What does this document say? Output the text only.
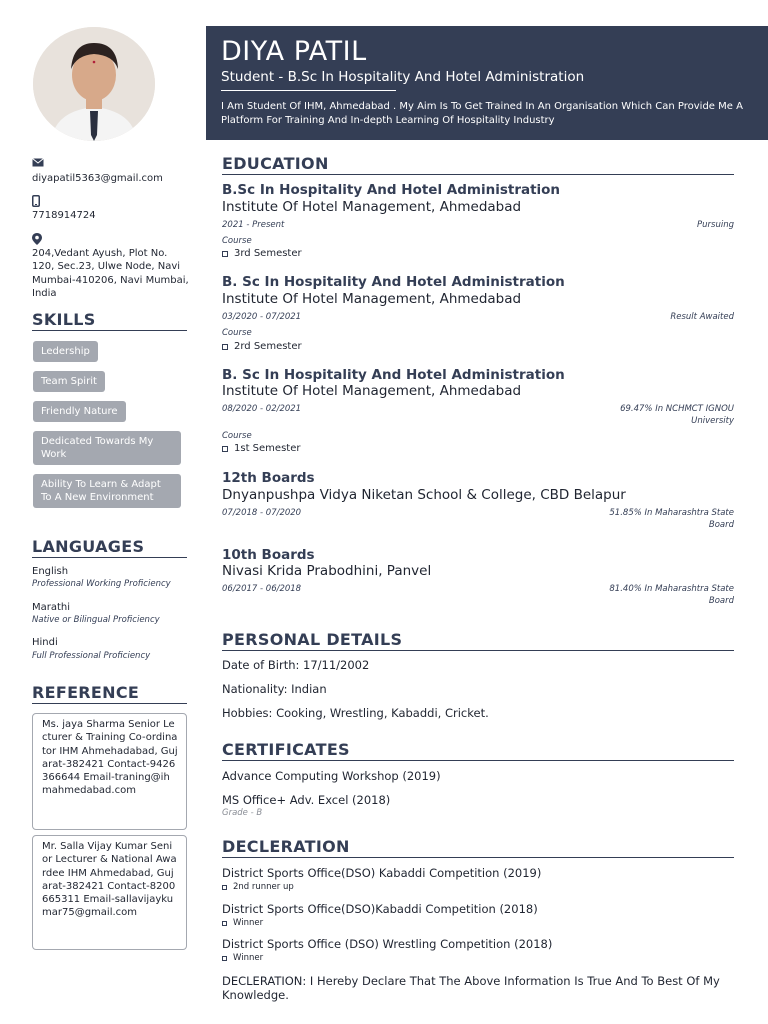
diyapatil5363@gmail.com
7718914724
204,Vedant Ayush, Plot No. 120, Sec.23, Ulwe Node, Navi Mumbai-410206, Navi Mumbai, India
SKILLS
Ledership
Team Spirit
Friendly Nature
Dedicated Towards My Work
Ability To Learn & Adapt To A New Environment
LANGUAGES
English
Professional Working Proficiency
Marathi
Native or Bilingual Proficiency
Hindi
Full Professional Proficiency
REFERENCE
Ms. jaya Sharma Senior Lecturer & Training Co-ordinator IHM Ahmehadabad, Gujarat-382421 Contact-9426366644 Email-traning@ihmahmedabad.com
Mr. Salla Vijay Kumar Senior Lecturer & National Awardee IHM Ahmedabad, Gujarat-382421 Contact-8200665311 Email-sallavijaykumar75@gmail.com
DIYA PATIL
Student - B.Sc In Hospitality And Hotel Administration
I Am Student Of IHM, Ahmedabad . My Aim Is To Get Trained In An Organisation Which Can Provide Me A Platform For Training And In-depth Learning Of Hospitality Industry
EDUCATION
B.Sc In Hospitality And Hotel Administration
Institute Of Hotel Management, Ahmedabad
2021 - Present	Pursuing
Course
3rd Semester
B. Sc In Hospitality And Hotel Administration
Institute Of Hotel Management, Ahmedabad
03/2020 - 07/2021	Result Awaited
Course
2rd Semester
B. Sc In Hospitality And Hotel Administration
Institute Of Hotel Management, Ahmedabad
08/2020 - 02/2021	69.47% In NCHMCT IGNOU University
Course
1st Semester
12th Boards
Dnyanpushpa Vidya Niketan School & College, CBD Belapur
07/2018 - 07/2020	51.85% In Maharashtra State Board
10th Boards
Nivasi Krida Prabodhini, Panvel
06/2017 - 06/2018	81.40% In Maharashtra State Board
PERSONAL DETAILS
Date of Birth: 17/11/2002
Nationality: Indian
Hobbies: Cooking, Wrestling, Kabaddi, Cricket.
CERTIFICATES
Advance Computing Workshop (2019)
MS Office+ Adv. Excel (2018)
Grade - B
DECLERATION
District Sports Office(DSO) Kabaddi Competition (2019)
2nd runner up
District Sports Office(DSO)Kabaddi Competition (2018)
Winner
District Sports Office (DSO) Wrestling Competition (2018)
Winner
DECLERATION: I Hereby Declare That The Above Information Is True And To Best Of My Knowledge.
